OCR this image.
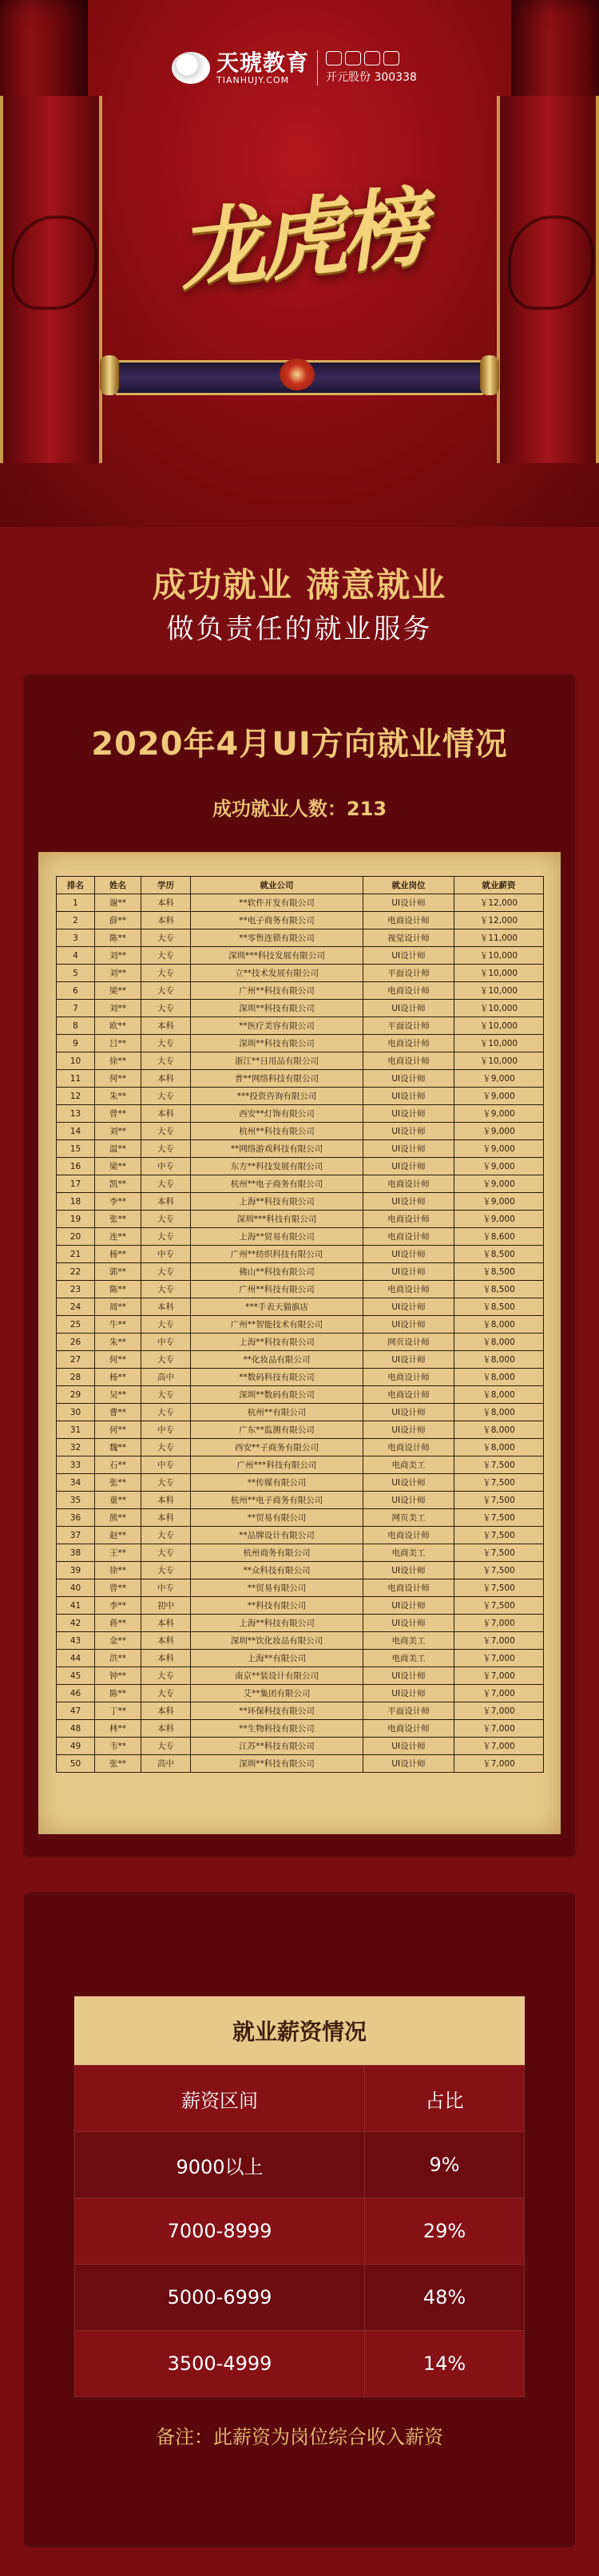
天琥教育
TIANHUJY.COM	开元股份 300338
龙虎榜
成功就业 满意就业
做负责任的就业服务
2020年4月UI方向就业情况
成功就业人数：213
排名	姓名	学历	就业公司	就业岗位	就业薪资
1	谢**	本科	**软件开发有限公司	UI设计师	￥12,000
2	薛**	本科	**电子商务有限公司	电商设计师	￥12,000
3	陈**	大专	**零售连锁有限公司	视觉设计师	￥11,000
4	刘**	大专	深圳***科技发展有限公司	UI设计师	￥10,000
5	刘**	大专	立**技术发展有限公司	平面设计师	￥10,000
6	梁**	大专	广州**科技有限公司	电商设计师	￥10,000
7	刘**	大专	深圳**科技有限公司	UI设计师	￥10,000
8	欧**	本科	**医疗美容有限公司	平面设计师	￥10,000
9	吕**	大专	深圳**科技有限公司	电商设计师	￥10,000
10	徐**	大专	浙江**日用品有限公司	电商设计师	￥10,000
11	何**	本科	普**网络科技有限公司	UI设计师	￥9,000
12	朱**	大专	***投资咨询有限公司	UI设计师	￥9,000
13	曾**	本科	西安**灯饰有限公司	UI设计师	￥9,000
14	刘**	大专	杭州**科技有限公司	UI设计师	￥9,000
15	温**	大专	**网络游戏科技有限公司	UI设计师	￥9,000
16	梁**	中专	东方**科技发展有限公司	UI设计师	￥9,000
17	凯**	大专	杭州**电子商务有限公司	电商设计师	￥9,000
18	李**	本科	上海**科技有限公司	UI设计师	￥9,000
19	张**	大专	深圳***科技有限公司	电商设计师	￥9,000
20	连**	大专	上海**贸易有限公司	电商设计师	￥8,600
21	杨**	中专	广州**纺织科技有限公司	UI设计师	￥8,500
22	郭**	大专	佛山**科技有限公司	UI设计师	￥8,500
23	陈**	大专	广州**科技有限公司	电商设计师	￥8,500
24	周**	本科	***手表天猫旗店	UI设计师	￥8,500
25	牛**	大专	广州**智能技术有限公司	UI设计师	￥8,000
26	朱**	中专	上海**科技有限公司	网页设计师	￥8,000
27	何**	大专	**化妆品有限公司	UI设计师	￥8,000
28	杨**	高中	**数码科技有限公司	电商设计师	￥8,000
29	吴**	大专	深圳**数码有限公司	电商设计师	￥8,000
30	曹**	大专	杭州**有限公司	UI设计师	￥8,000
31	何**	中专	广东**监测有限公司	UI设计师	￥8,000
32	魏**	大专	西安**子商务有限公司	电商设计师	￥8,000
33	石**	中专	广州***科技有限公司	电商美工	￥7,500
34	张**	大专	**传媒有限公司	UI设计师	￥7,500
35	童**	本科	杭州**电子商务有限公司	UI设计师	￥7,500
36	熊**	本科	**贸易有限公司	网页美工	￥7,500
37	赵**	大专	**品牌设计有限公司	电商设计师	￥7,500
38	王**	大专	杭州商务有限公司	电商美工	￥7,500
39	徐**	大专	**众科技有限公司	UI设计师	￥7,500
40	曾**	中专	**贸易有限公司	电商设计师	￥7,500
41	李**	初中	**科技有限公司	UI设计师	￥7,500
42	蒋**	本科	上海**科技有限公司	UI设计师	￥7,000
43	金**	本科	深圳**饮化妆品有限公司	电商美工	￥7,000
44	洪**	本科	上海**有限公司	电商美工	￥7,000
45	钟**	大专	南京**装设计有限公司	UI设计师	￥7,000
46	陈**	大专	艾**集团有限公司	UI设计师	￥7,000
47	丁**	本科	**环保科技有限公司	平面设计师	￥7,000
48	林**	本科	**生物科技有限公司	电商设计师	￥7,000
49	韦**	大专	江苏**科技有限公司	UI设计师	￥7,000
50	张**	高中	深圳**科技有限公司	UI设计师	￥7,000
就业薪资情况
薪资区间	占比
9000以上	9%
7000-8999	29%
5000-6999	48%
3500-4999	14%
备注：此薪资为岗位综合收入薪资
